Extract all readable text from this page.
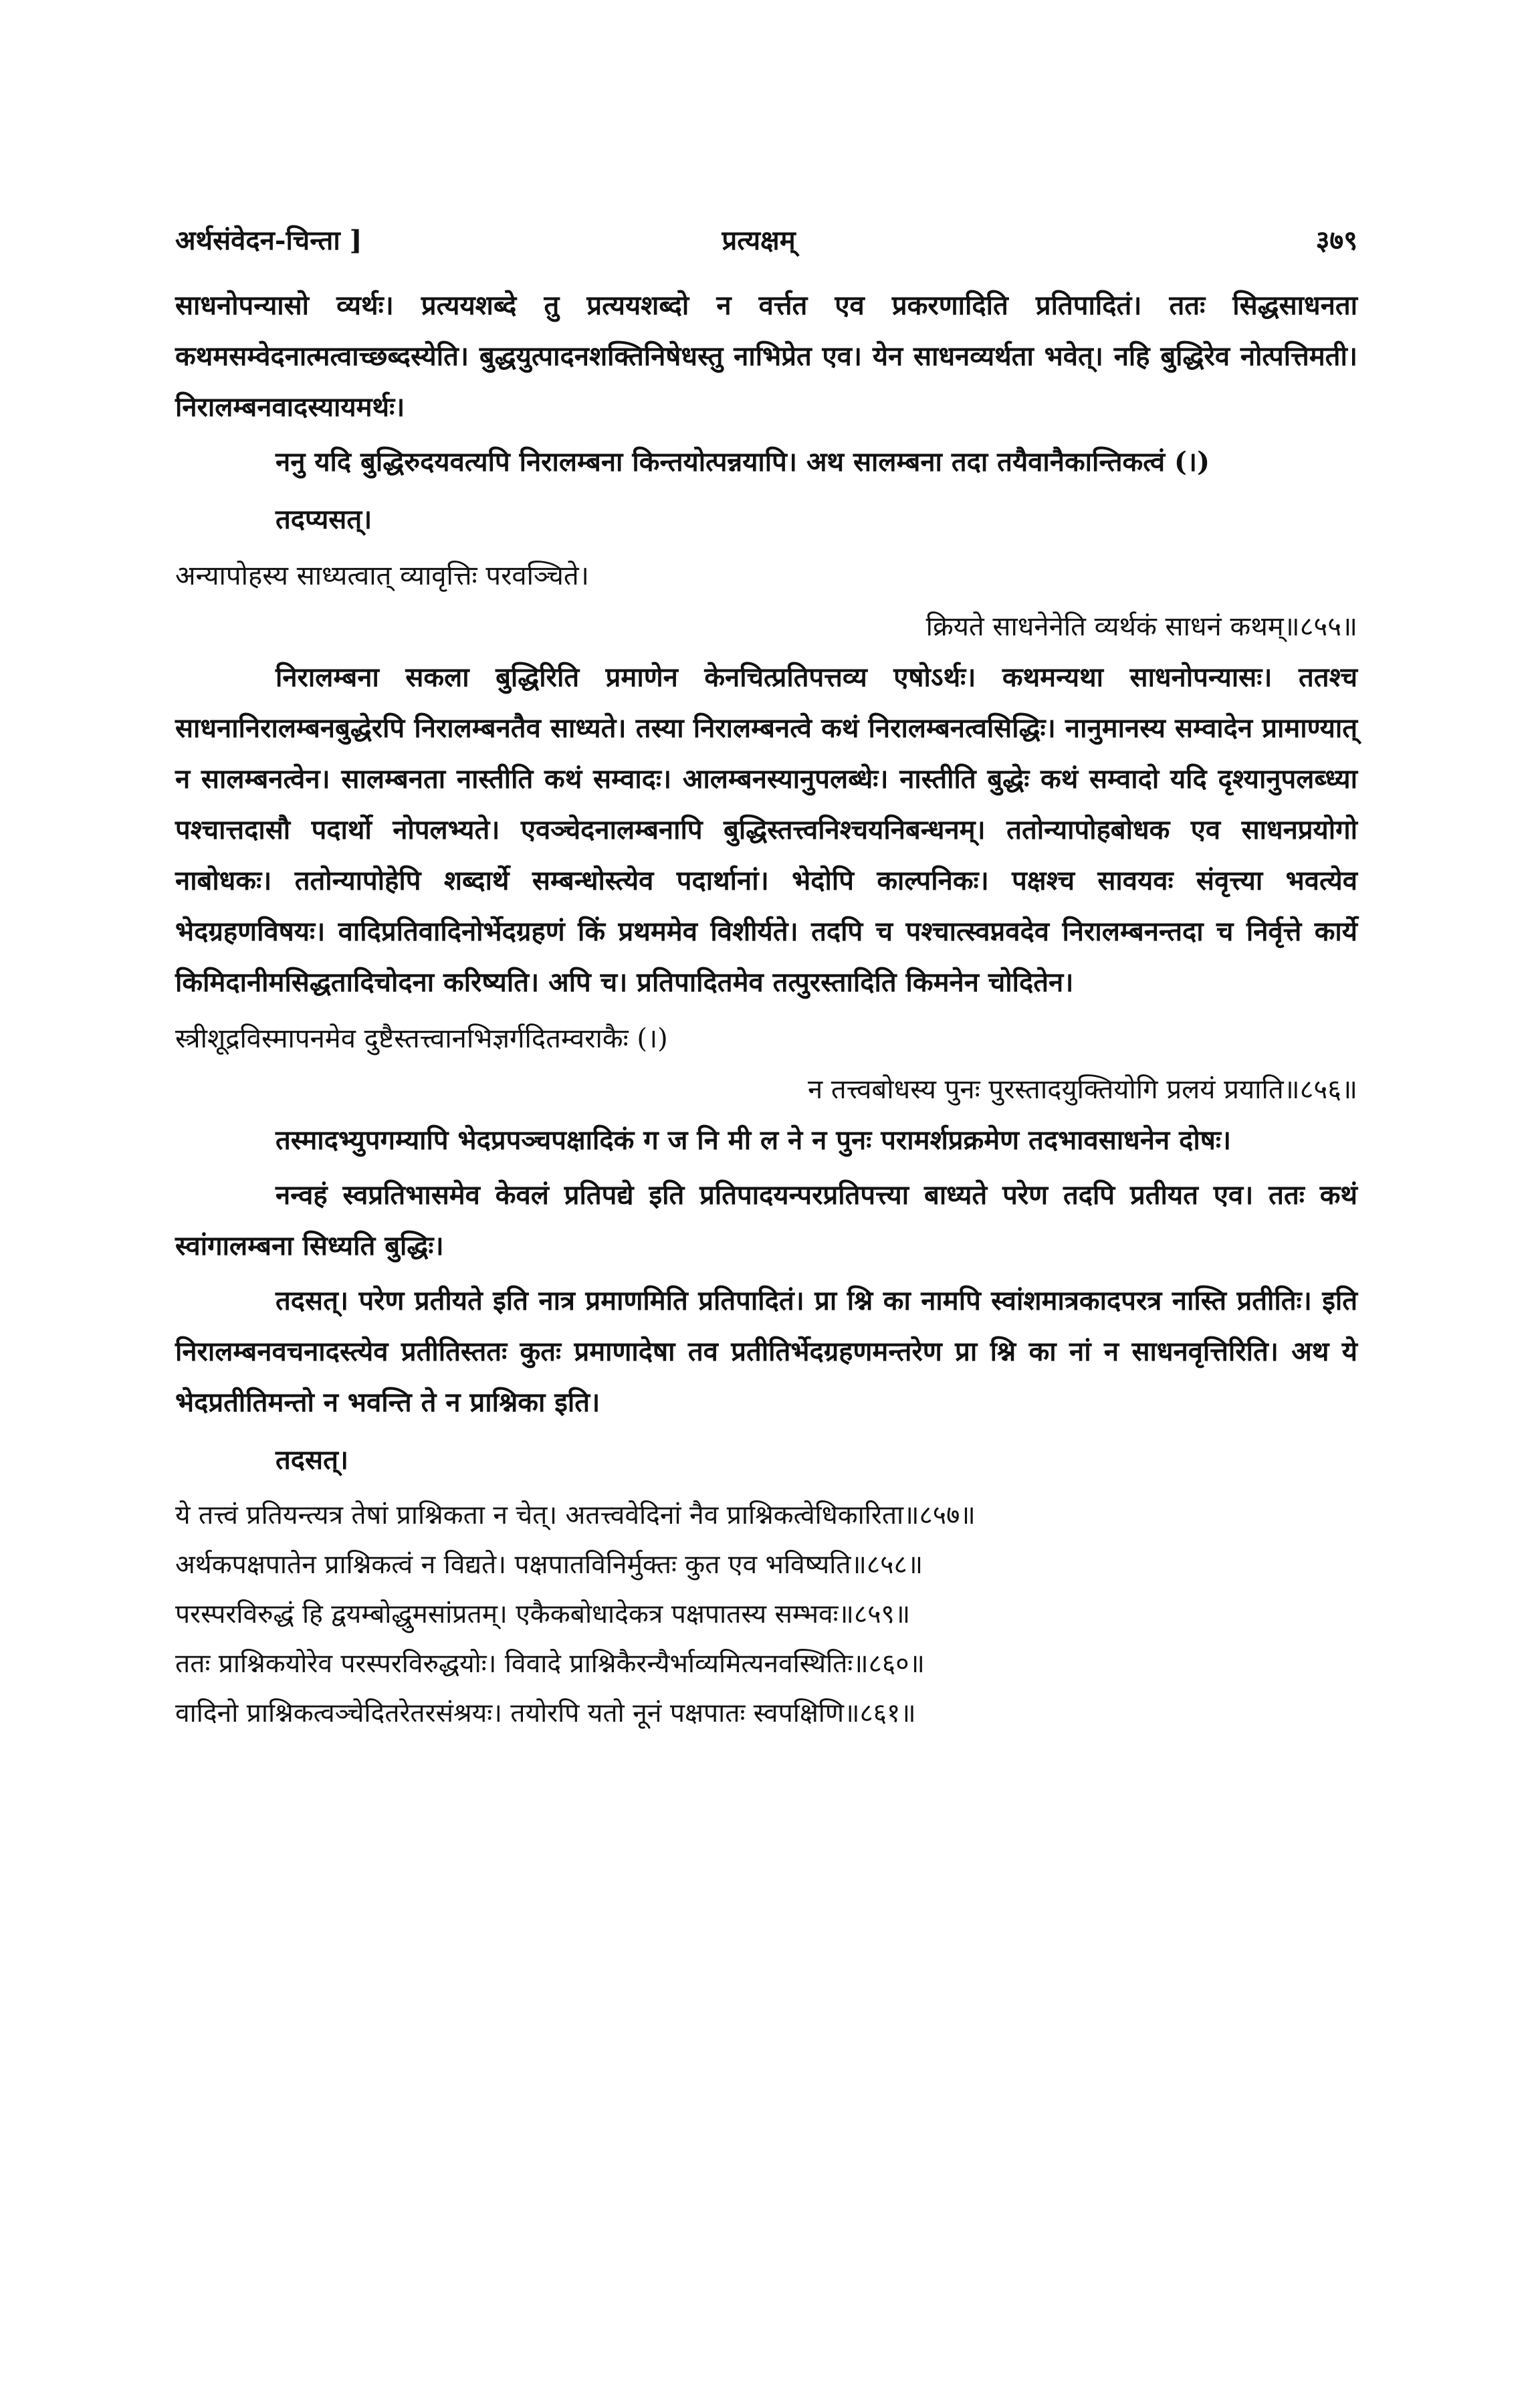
अर्थसंवेदन-चिन्ता ]	प्रत्यक्षम्	३७९

साधनोपन्यासो व्यर्थः। प्रत्ययशब्दे तु प्रत्ययशब्दो न वर्त्तत एव प्रकरणादिति प्रतिपादितं। ततः सिद्धसाधनता कथमसम्वेदनात्मत्वाच्छब्दस्येति। बुद्धयुत्पादनशक्तिनिषेधस्तु नाभिप्रेत एव। येन साधनव्यर्थता भवेत्। नहि बुद्धिरेव नोत्पत्तिमती। निरालम्बनवादस्यायमर्थः।

ननु यदि बुद्धिरुदयवत्यपि निरालम्बना किन्तयोत्पन्नयापि। अथ सालम्बना तदा तयैवानैकान्तिकत्वं (।)

तदप्यसत्।

अन्यापोहस्य साध्यत्वात् व्यावृत्तिः परवञ्चिते।
क्रियते साधनेनेति व्यर्थकं साधनं कथम्॥८५५॥

निरालम्बना सकला बुद्धिरिति प्रमाणेन केनचित्प्रतिपत्तव्य एषोऽर्थः। कथमन्यथा साधनोपन्यासः। ततश्च साधनानिरालम्बनबुद्धेरपि निरालम्बनतैव साध्यते। तस्या निरालम्बनत्वे कथं निरालम्बनत्वसिद्धिः। नानुमानस्य सम्वादेन प्रामाण्यात् न सालम्बनत्वेन। सालम्बनता नास्तीति कथं सम्वादः। आलम्बनस्यानुपलब्धेः। नास्तीति बुद्धेः कथं सम्वादो यदि दृश्यानुपलब्ध्या पश्चात्तदासौ पदार्थो नोपलभ्यते। एवञ्चेदनालम्बनापि बुद्धिस्तत्त्वनिश्चयनिबन्धनम्। ततोन्यापोहबोधक एव साधनप्रयोगो नाबोधकः। ततोन्यापोहेपि शब्दार्थे सम्बन्धोस्त्येव पदार्थानां। भेदोपि काल्पनिकः। पक्षश्च सावयवः संवृत्त्या भवत्येव भेदग्रहणविषयः। वादिप्रतिवादिनोर्भेदग्रहणं किं प्रथममेव विशीर्यते। तदपि च पश्चात्स्वप्नवदेव निरालम्बनन्तदा च निर्वृत्ते कार्ये किमिदानीमसिद्धतादिचोदना करिष्यति। अपि च। प्रतिपादितमेव तत्पुरस्तादिति किमनेन चोदितेन।

स्त्रीशूद्रविस्मापनमेव दुष्टैस्तत्त्वानभिज्ञर्गदितम्वराकैः (।)
न तत्त्वबोधस्य पुनः पुरस्तादयुक्तियोगि प्रलयं प्रयाति॥८५६॥

तस्मादभ्युपगम्यापि भेदप्रपञ्चपक्षादिकं ग ज नि मी ल ने न पुनः परामर्शप्रक्रमेण तदभावसाधनेन दोषः।

नन्वहं स्वप्रतिभासमेव केवलं प्रतिपद्ये इति प्रतिपादयन्परप्रतिपत्त्या बाध्यते परेण तदपि प्रतीयत एव। ततः कथं स्वांगालम्बना सिध्यति बुद्धिः।

तदसत्। परेण प्रतीयते इति नात्र प्रमाणमिति प्रतिपादितं। प्रा श्नि का नामपि स्वांशमात्रकादपरत्र नास्ति प्रतीतिः। इति निरालम्बनवचनादस्त्येव प्रतीतिस्ततः कुतः प्रमाणादेषा तव प्रतीतिर्भेदग्रहणमन्तरेण प्रा श्नि का नां न साधनवृत्तिरिति। अथ ये भेदप्रतीतिमन्तो न भवन्ति ते न प्राश्निका इति।

तदसत्।

ये तत्त्वं प्रतियन्त्यत्र तेषां प्राश्निकता न चेत्। अतत्त्ववेदिनां नैव प्राश्निकत्वेधिकारिता॥८५७॥
अर्थकपक्षपातेन प्राश्निकत्वं न विद्यते। पक्षपातविनिर्मुक्तः कुत एव भविष्यति॥८५८॥
परस्परविरुद्धं हि द्वयम्बोद्धुमसांप्रतम्। एकैकबोधादेकत्र पक्षपातस्य सम्भवः॥८५९॥
ततः प्राश्निकयोरेव परस्परविरुद्धयोः। विवादे प्राश्निकैरन्यैर्भाव्यमित्यनवस्थितिः॥८६०॥
वादिनो प्राश्निकत्वञ्चेदितरेतरसंश्रयः। तयोरपि यतो नूनं पक्षपातः स्वपक्षिणि॥८६१॥
